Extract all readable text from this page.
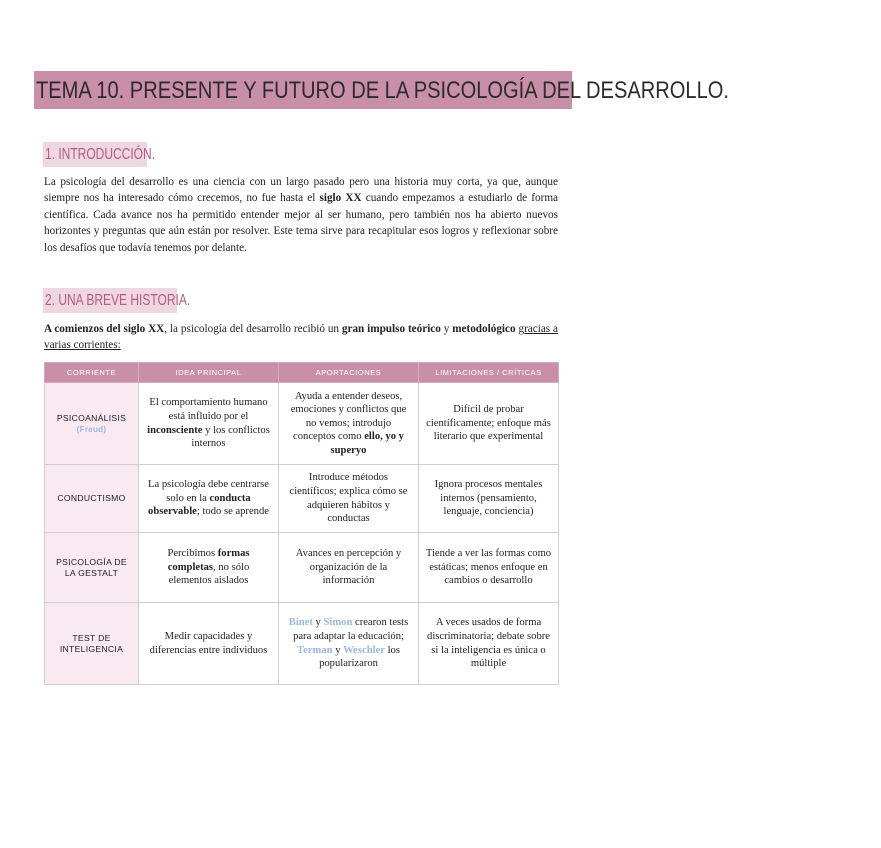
TEMA 10. PRESENTE Y FUTURO DE LA PSICOLOGÍA DEL DESARROLLO.
1. INTRODUCCIÓN.

La psicología del desarrollo es una ciencia con un largo pasado pero una historia muy corta, ya que, aunque siempre nos ha interesado cómo crecemos, no fue hasta el siglo XX cuando empezamos a estudiarlo de forma científica. Cada avance nos ha permitido entender mejor al ser humano, pero también nos ha abierto nuevos horizontes y preguntas que aún están por resolver. Este tema sirve para recapitular esos logros y reflexionar sobre los desafíos que todavía tenemos por delante.

2. UNA BREVE HISTORIA.

A comienzos del siglo XX, la psicología del desarrollo recibió un gran impulso teórico y metodológico gracias a varias corrientes:

CORRIENTE	IDEA PRINCIPAL	APORTACIONES	LIMITACIONES / CRÍTICAS
PSICOANÁLISIS
(Freud)	El comportamiento humano está influido por el inconsciente y los conflictos internos	Ayuda a entender deseos, emociones y conflictos que no vemos; introdujo conceptos como ello, yo y superyo	Difícil de probar científicamente; enfoque más literario que experimental
CONDUCTISMO	La psicología debe centrarse solo en la conducta observable; todo se aprende	Introduce métodos científicos; explica cómo se adquieren hábitos y conductas	Ignora procesos mentales internos (pensamiento, lenguaje, conciencia)
PSICOLOGÍA DE LA GESTALT	Percibimos formas completas, no sólo elementos aislados	Avances en percepción y organización de la información	Tiende a ver las formas como estáticas; menos enfoque en cambios o desarrollo
TEST DE INTELIGENCIA	Medir capacidades y diferencias entre individuos	Binet y Simon crearon tests para adaptar la educación; Terman y Weschler los popularizaron	A veces usados de forma discriminatoria; debate sobre si la inteligencia es única o múltiple
